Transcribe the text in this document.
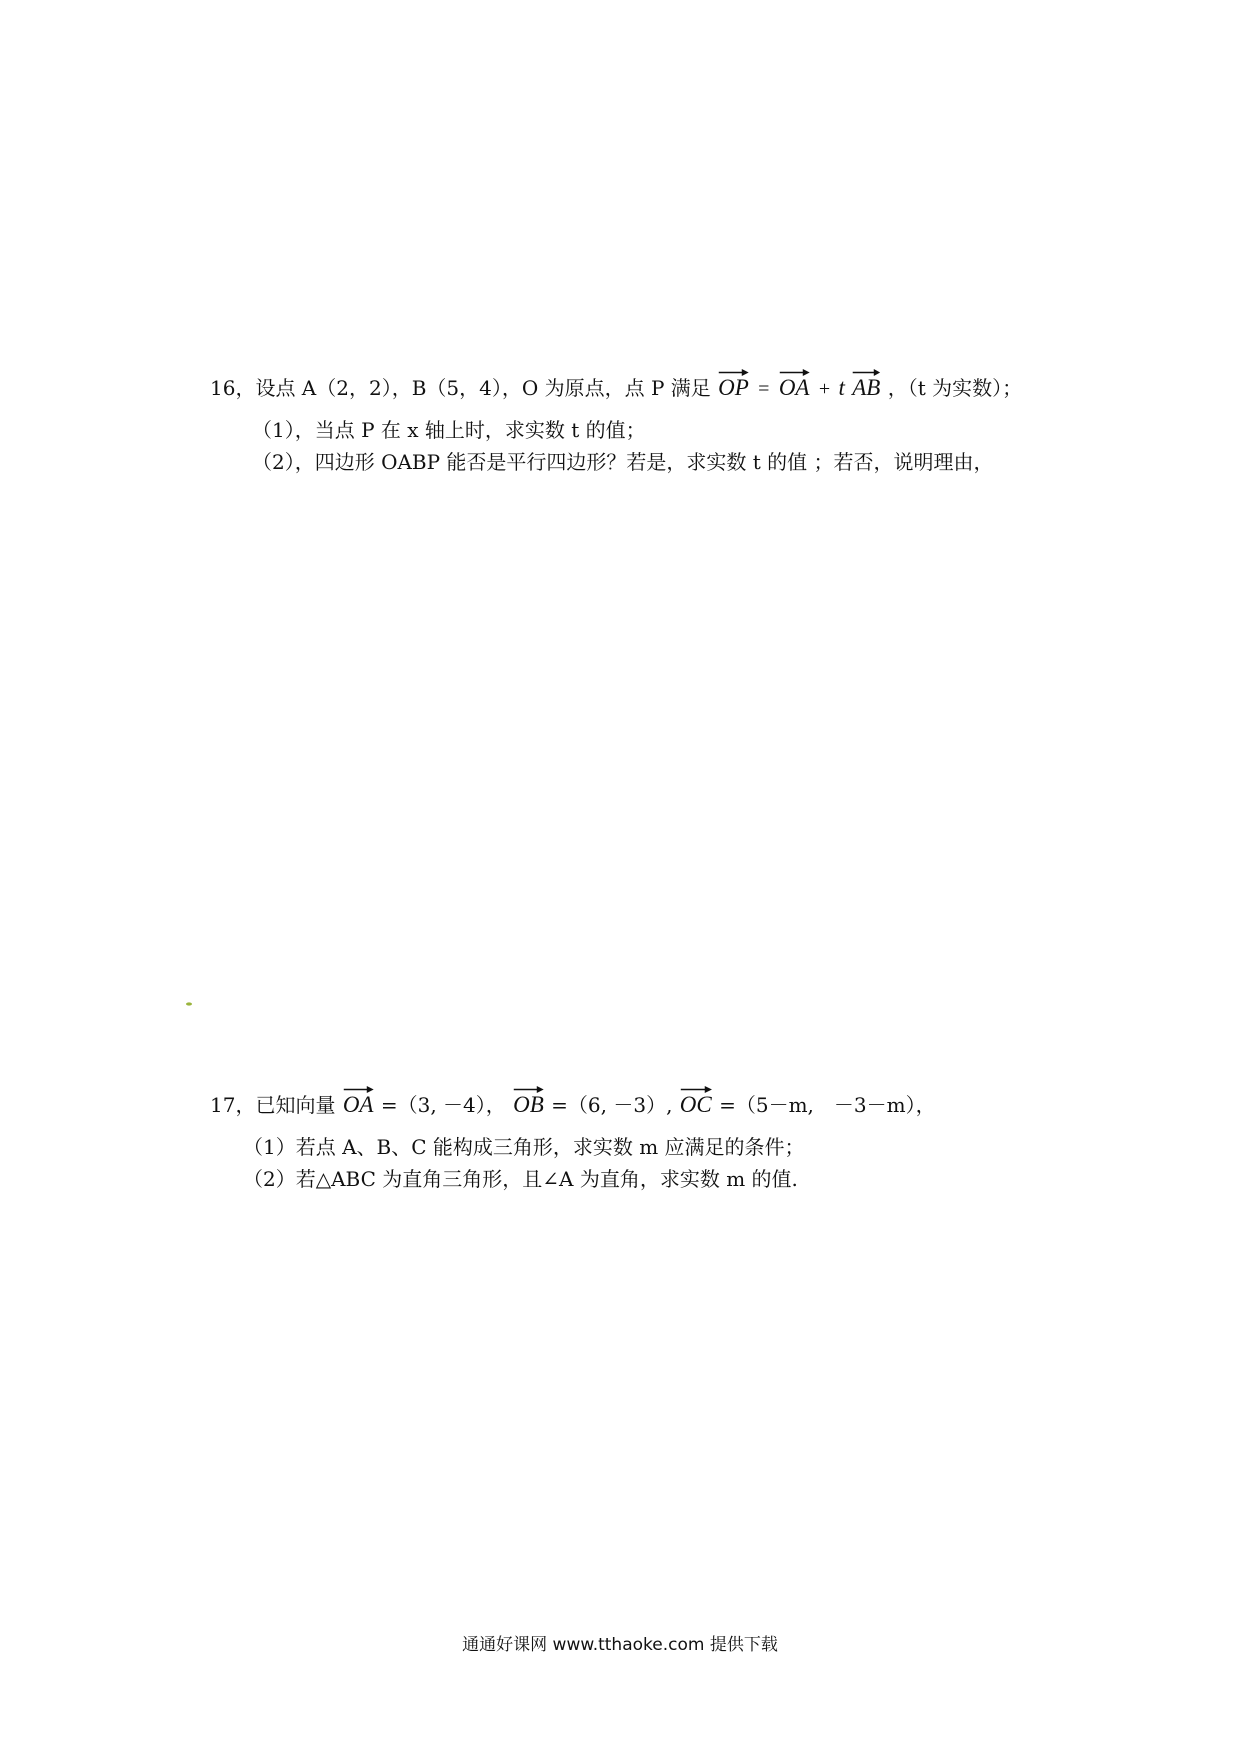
16，设点 A（2，2），B（5，4），O 为原点，点 P 满足 OP = OA + t AB ，（t 为实数）；
（1），当点 P 在 x 轴上时，求实数 t 的值；
（2），四边形 OABP 能否是平行四边形？若是，求实数 t 的值 ；若否，说明理由，
17，已知向量 OA =（3, －4）， OB =（6, －3）, OC =（5－m,　－3－m），
（1）若点 A、B、C 能构成三角形，求实数 m 应满足的条件；
（2）若△ABC 为直角三角形，且∠A 为直角，求实数 m 的值.
通通好课网 www.tthaoke.com 提供下载
